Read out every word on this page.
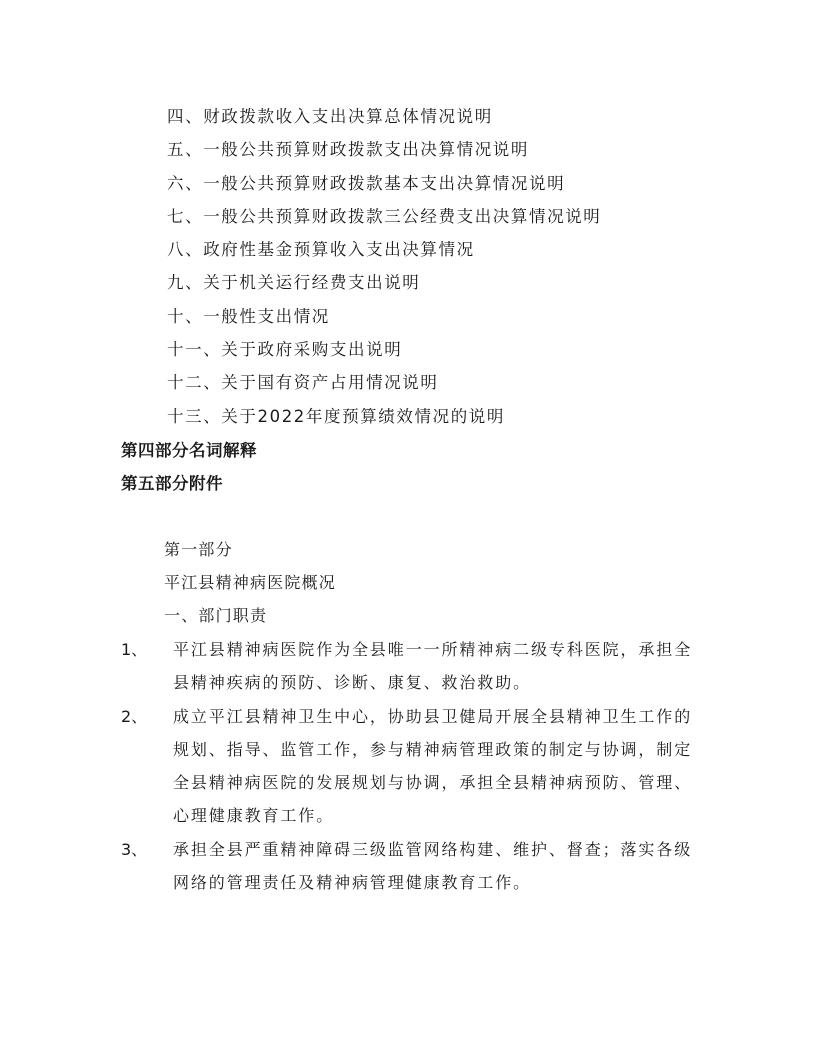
四、财政拨款收入支出决算总体情况说明
五、一般公共预算财政拨款支出决算情况说明
六、一般公共预算财政拨款基本支出决算情况说明
七、一般公共预算财政拨款三公经费支出决算情况说明
八、政府性基金预算收入支出决算情况
九、关于机关运行经费支出说明
十、一般性支出情况
十一、关于政府采购支出说明
十二、关于国有资产占用情况说明
十三、关于2022年度预算绩效情况的说明
第四部分名词解释
第五部分附件
第一部分
平江县精神病医院概况
一、部门职责
1、 平江县精神病医院作为全县唯一一所精神病二级专科医院，承担全县精神疾病的预防、诊断、康复、救治救助。
2、 成立平江县精神卫生中心，协助县卫健局开展全县精神卫生工作的规划、指导、监管工作，参与精神病管理政策的制定与协调，制定全县精神病医院的发展规划与协调，承担全县精神病预防、管理、心理健康教育工作。
3、 承担全县严重精神障碍三级监管网络构建、维护、督查；落实各级网络的管理责任及精神病管理健康教育工作。
